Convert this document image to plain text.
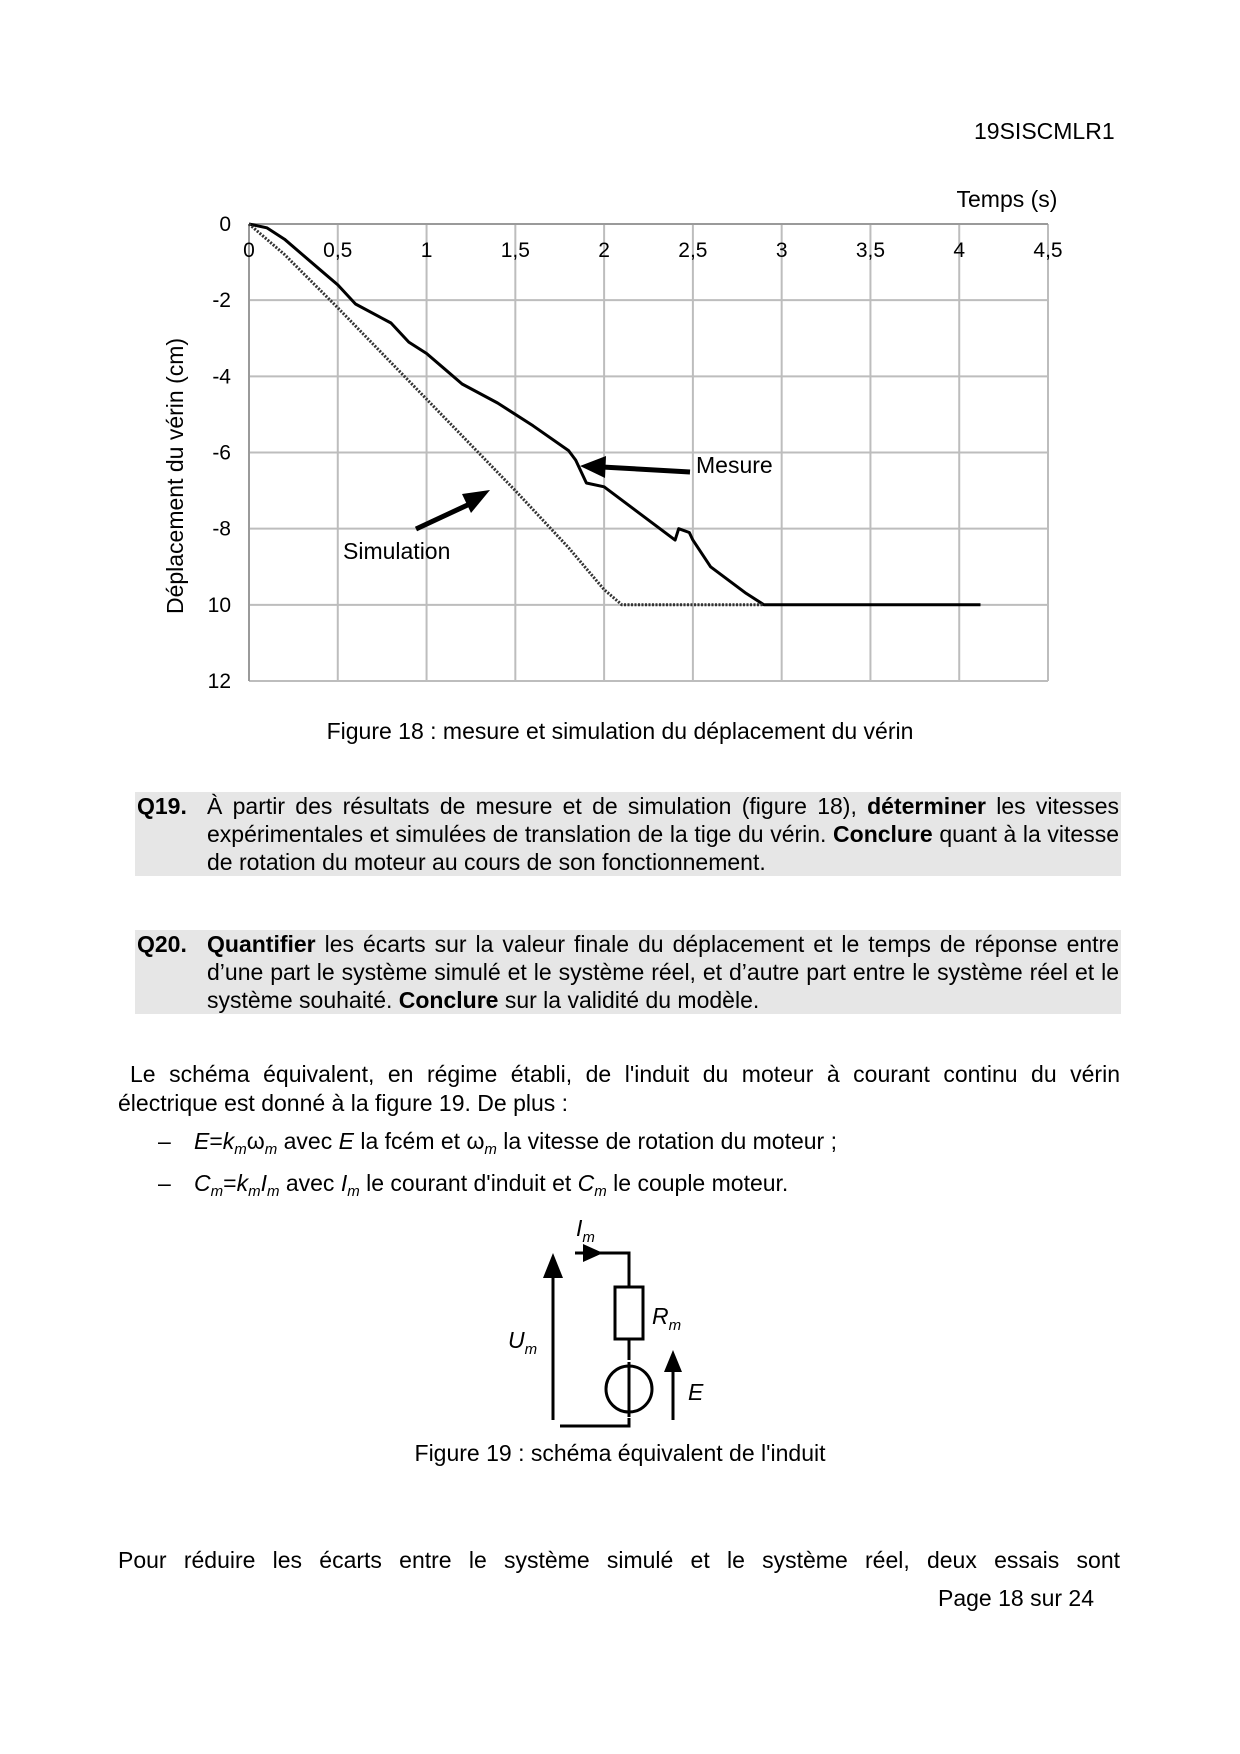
19SISCMLR1
0	0,5	1	1,5	2	2,5	3	3,5	4	4,5
0
-2
-4
-6
-8
10
12
Temps (s)
Déplacement du vérin (cm)	Mesure
Simulation
Figure 18 : mesure et simulation du déplacement du vérin
Q19. À partir des résultats de mesure et de simulation (figure 18), déterminer les vitesses expérimentales et simulées de translation de la tige du vérin. Conclure quant à la vitesse de rotation du moteur au cours de son fonctionnement.
Q20. Quantifier les écarts sur la valeur finale du déplacement et le temps de réponse entre d’une part le système simulé et le système réel, et d’autre part entre le système réel et le système souhaité. Conclure sur la validité du modèle.
Le schéma équivalent, en régime établi, de l'induit du moteur à courant continu du vérin électrique est donné à la figure 19. De plus :
– $E=k_m\omega_m$ avec E la fcém et $\omega_m$ la vitesse de rotation du moteur ;
– $C_m=k_mI_m$ avec $I_m$ le courant d'induit et $C_m$ le couple moteur.
$I_m$
$U_m$
$R_m$
E
Figure 19 : schéma équivalent de l'induit
Pour réduire les écarts entre le système simulé et le système réel, deux essais sont
Page 18 sur 24
